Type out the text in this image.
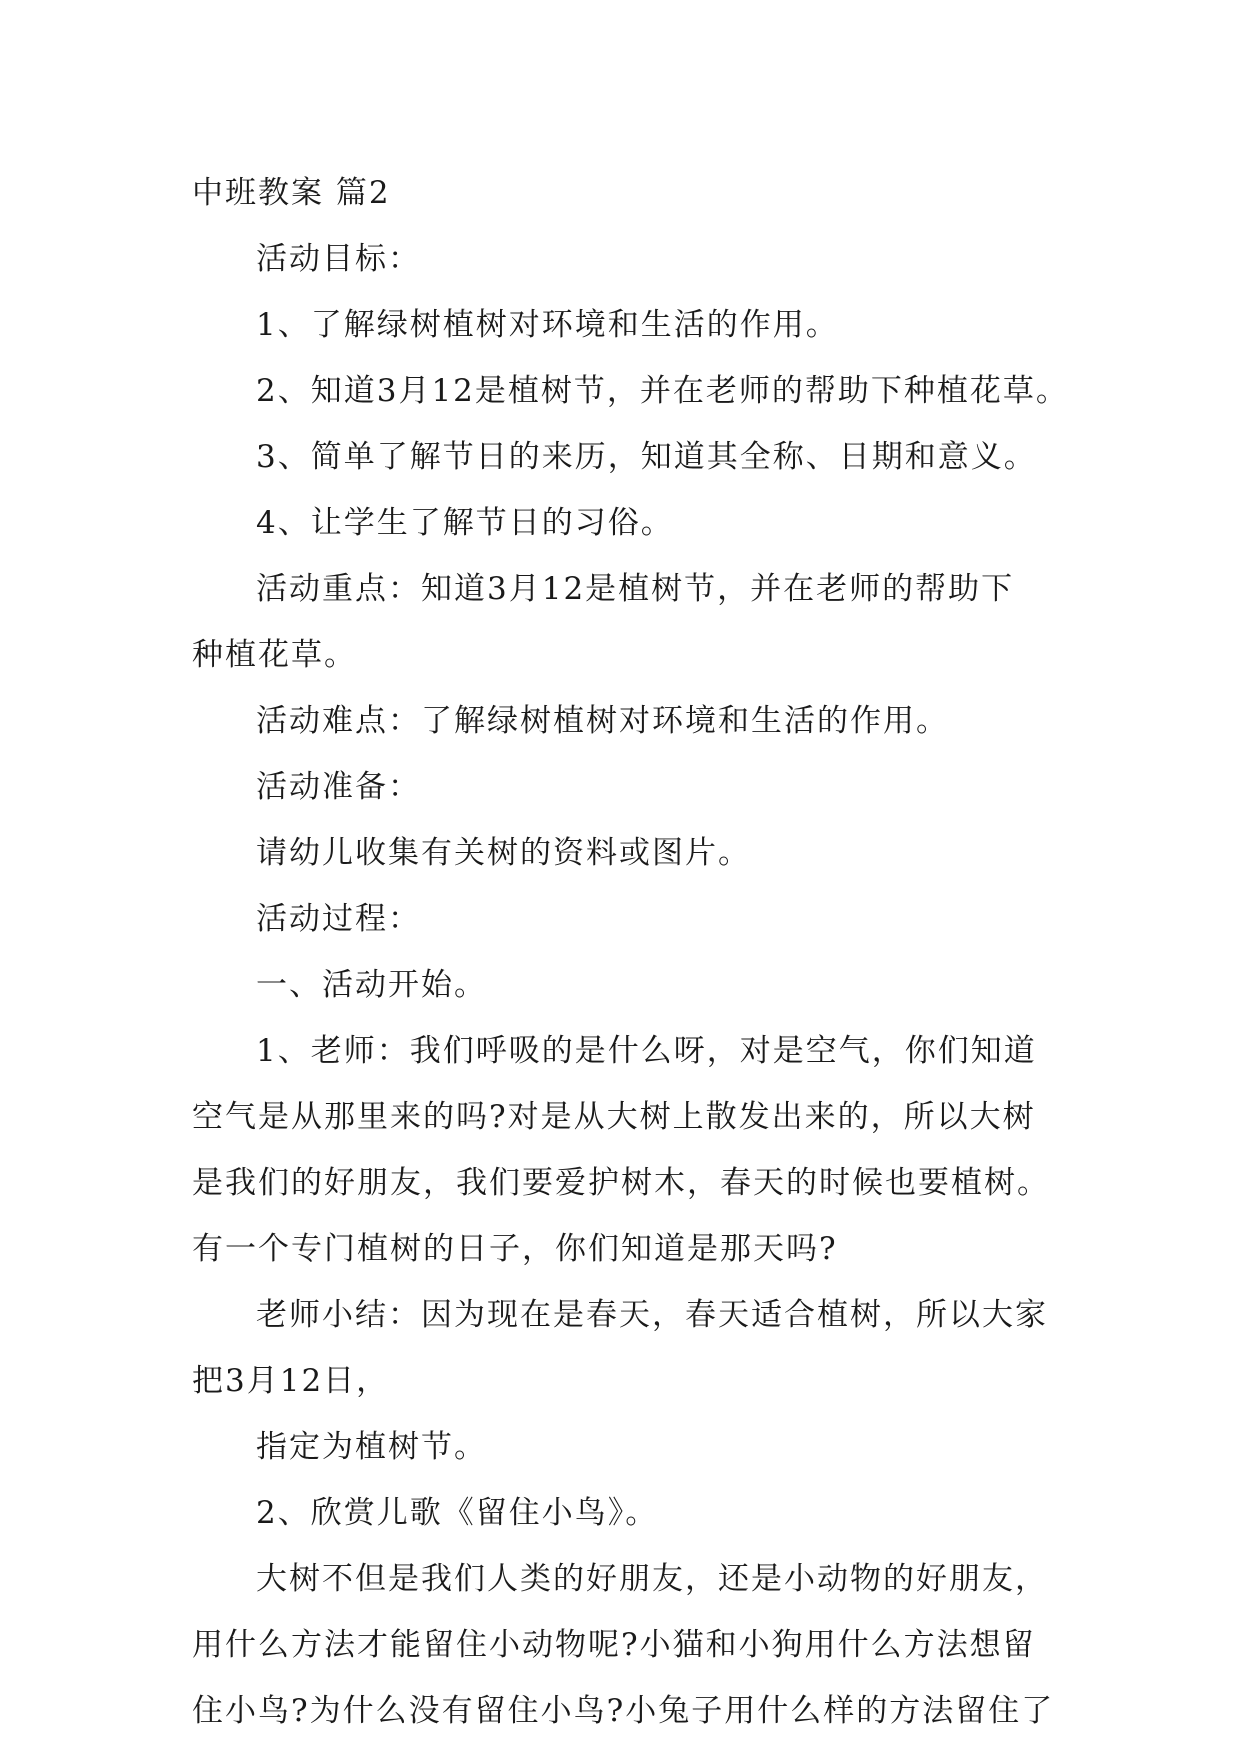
中班教案 篇2
活动目标：
1、了解绿树植树对环境和生活的作用。
2、知道3月12是植树节，并在老师的帮助下种植花草。
3、简单了解节日的来历，知道其全称、日期和意义。
4、让学生了解节日的习俗。
活动重点：知道3月12是植树节，并在老师的帮助下
种植花草。
活动难点：了解绿树植树对环境和生活的作用。
活动准备：
请幼儿收集有关树的资料或图片。
活动过程：
一、活动开始。
1、老师：我们呼吸的是什么呀，对是空气，你们知道
空气是从那里来的吗?对是从大树上散发出来的，所以大树
是我们的好朋友，我们要爱护树木，春天的时候也要植树。
有一个专门植树的日子，你们知道是那天吗?
老师小结：因为现在是春天，春天适合植树，所以大家
把3月12日，
指定为植树节。
2、欣赏儿歌《留住小鸟》。
大树不但是我们人类的好朋友，还是小动物的好朋友，
用什么方法才能留住小动物呢?小猫和小狗用什么方法想留
住小鸟?为什么没有留住小鸟?小兔子用什么样的方法留住了
